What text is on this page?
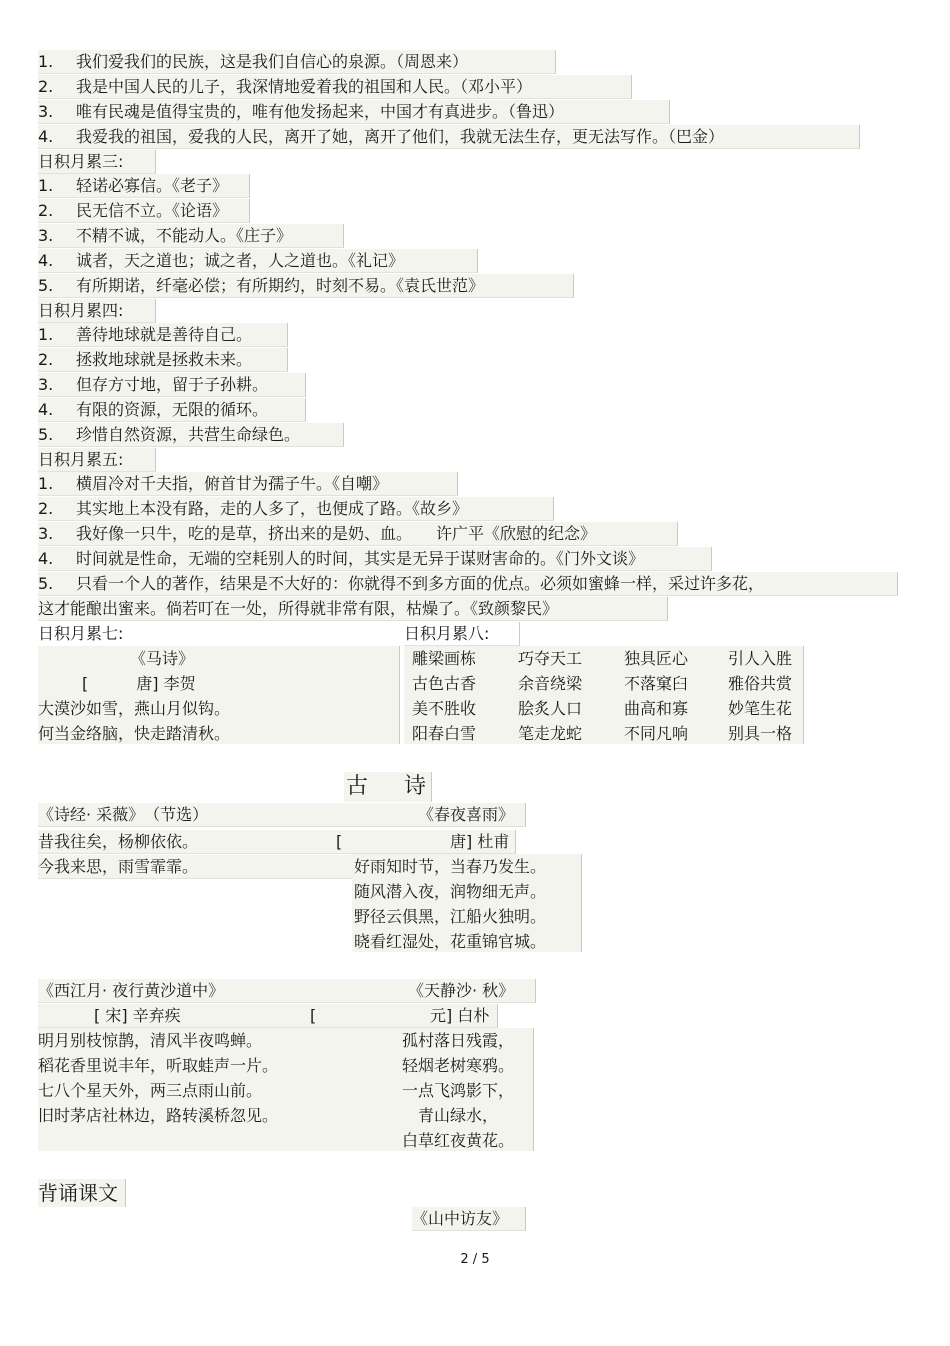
1. 我们爱我们的民族，这是我们自信心的泉源。（周恩来）
2. 我是中国人民的儿子，我深情地爱着我的祖国和人民。（邓小平）
3. 唯有民魂是值得宝贵的，唯有他发扬起来，中国才有真进步。（鲁迅）
4. 我爱我的祖国，爱我的人民，离开了她，离开了他们，我就无法生存，更无法写作。（巴金）
日积月累三:
1. 轻诺必寡信。《老子》
2. 民无信不立。《论语》
3. 不精不诚，不能动人。《庄子》
4. 诚者，天之道也；诚之者，人之道也。《礼记》
5. 有所期诺，纤毫必偿；有所期约，时刻不易。《袁氏世范》
日积月累四:
1. 善待地球就是善待自己。
2. 拯救地球就是拯救未来。
3. 但存方寸地，留于子孙耕。
4. 有限的资源，无限的循环。
5. 珍惜自然资源，共营生命绿色。
日积月累五:
1. 横眉冷对千夫指，俯首甘为孺子牛。《自嘲》
2. 其实地上本没有路，走的人多了，也便成了路。《故乡》
3. 我好像一只牛，吃的是草，挤出来的是奶、血。　　许广平《欣慰的纪念》
4. 时间就是性命，无端的空耗别人的时间，其实是无异于谋财害命的。《门外文谈》
5. 只看一个人的著作，结果是不大好的：你就得不到多方面的优点。必须如蜜蜂一样，采过许多花，
这才能酿出蜜来。倘若叮在一处，所得就非常有限，枯燥了。《致颜黎民》
日积月累七:	日积月累八:
《马诗》
[　　　唐] 李贺
大漠沙如雪，燕山月似钩。
何当金络脑，快走踏清秋。
雕梁画栋	巧夺天工	独具匠心 引人入胜
古色古香	余音绕梁	不落窠臼 雅俗共赏
美不胜收	脍炙人口	曲高和寡 妙笔生花
阳春白雪	笔走龙蛇	不同凡响 别具一格
古 诗
《诗经· 采薇》　（节选）	《春夜喜雨》
昔我往矣，杨柳依依。	[	唐] 杜甫
今我来思，雨雪霏霏。	好雨知时节，当春乃发生。
随风潜入夜，润物细无声。
野径云俱黑，江船火独明。
晓看红湿处，花重锦官城。
《西江月· 夜行黄沙道中》	《天静沙· 秋》
[ 宋] 辛弃疾	[	元] 白朴
明月别枝惊鹊，清风半夜鸣蝉。
稻花香里说丰年，听取蛙声一片。
七八个星天外，两三点雨山前。
旧时茅店社林边，路转溪桥忽见。
孤村落日残霞，
轻烟老树寒鸦。
一点飞鸿影下，
青山绿水，
白草红夜黄花。
背诵课文
《山中访友》
2 / 5
